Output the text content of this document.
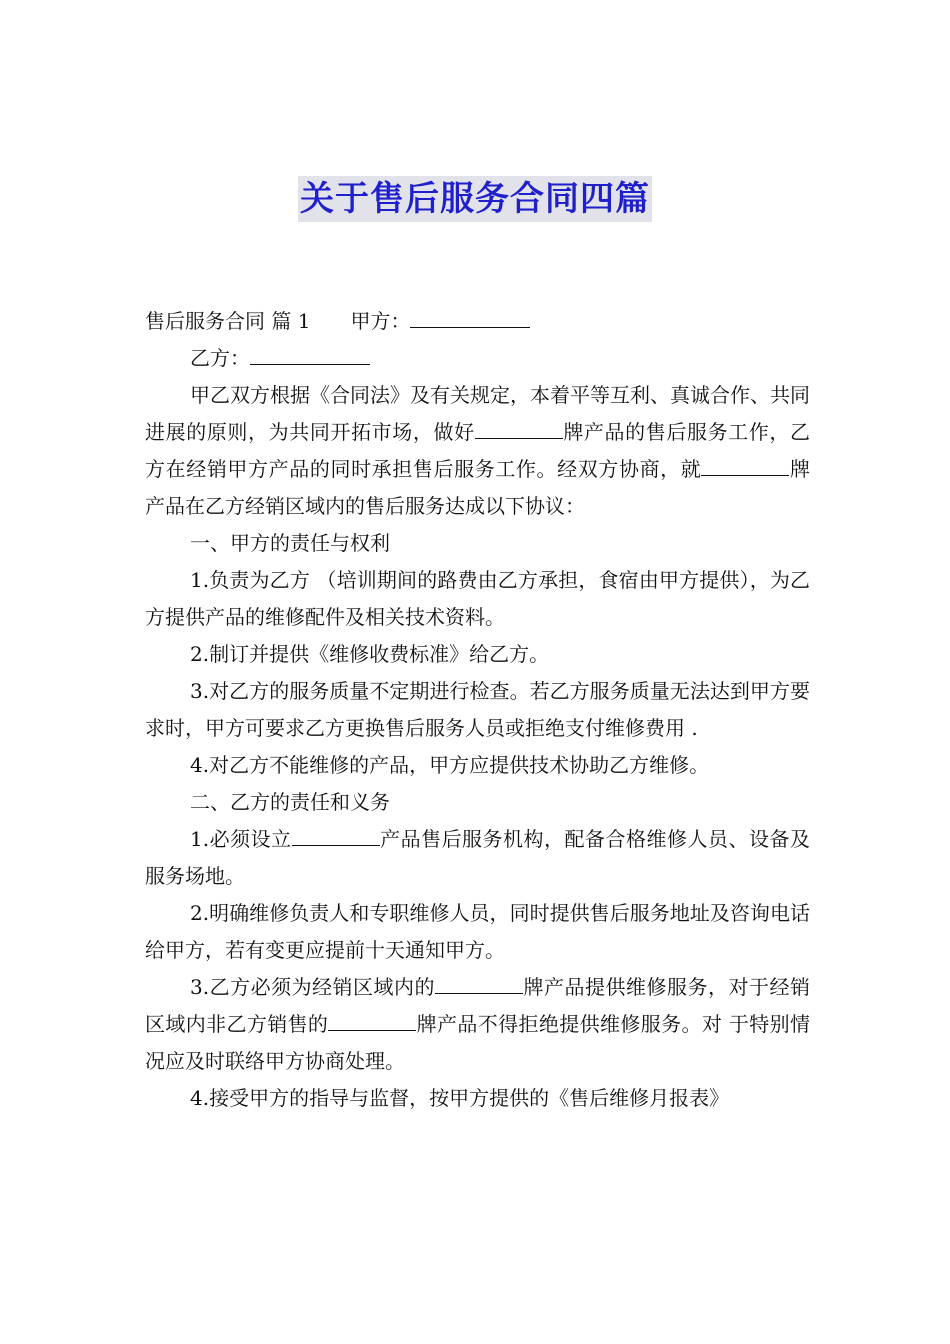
关于售后服务合同四篇

售后服务合同 篇 1 甲方：

乙方：

甲乙双方根据《合同法》及有关规定，本着平等互利、真诚合作、共同进展的原则，为共同开拓市场，做好	牌产品的售后服务工作，乙方在经销甲方产品的同时承担售后服务工作。经双方协商，就	牌产品在乙方经销区域内的售后服务达成以下协议：

一、甲方的责任与权利

1.负责为乙方 （培训期间的路费由乙方承担，食宿由甲方提供），为乙方提供产品的维修配件及相关技术资料。

2.制订并提供《维修收费标准》给乙方。

3.对乙方的服务质量不定期进行检查。若乙方服务质量无法达到甲方要求时，甲方可要求乙方更换售后服务人员或拒绝支付维修费用 .

4.对乙方不能维修的产品，甲方应提供技术协助乙方维修。

二、乙方的责任和义务

1.必须设立	产品售后服务机构，配备合格维修人员、设备及服务场地。

2.明确维修负责人和专职维修人员，同时提供售后服务地址及咨询电话给甲方，若有变更应提前十天通知甲方。

3.乙方必须为经销区域内的	牌产品提供维修服务，对于经销区域内非乙方销售的	牌产品不得拒绝提供维修服务。对 于特别情况应及时联络甲方协商处理。

4.接受甲方的指导与监督，按甲方提供的《售后维修月报表》
